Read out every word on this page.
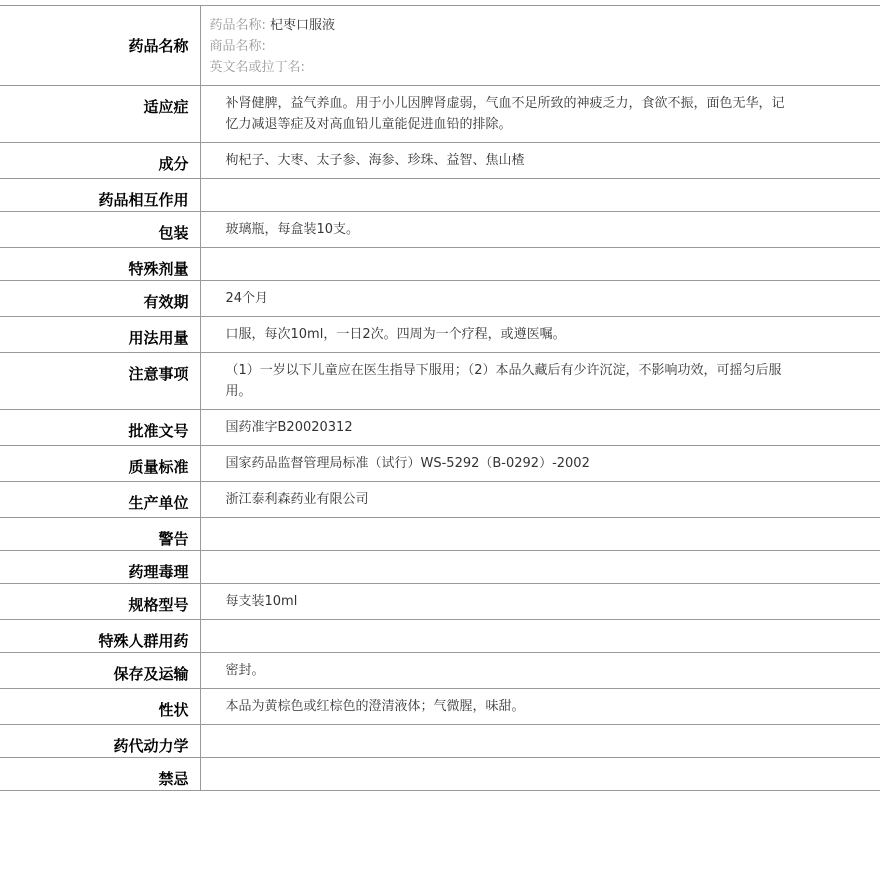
药品名称	药品名称: 杞枣口服液
商品名称:
英文名或拉丁名:

适应症	补肾健脾，益气养血。用于小儿因脾肾虚弱，气血不足所致的神疲乏力，食欲不振，面色无华，记忆力减退等症及对高血铅儿童能促进血铅的排除。
成分	枸杞子、大枣、太子参、海参、珍珠、益智、焦山楂
药品相互作用	
包装	玻璃瓶，每盒装10支。
特殊剂量	
有效期	24个月
用法用量	口服，每次10ml，一日2次。四周为一个疗程，或遵医嘱。
注意事项	（1）一岁以下儿童应在医生指导下服用；（2）本品久藏后有少许沉淀，不影响功效，可摇匀后服用。
批准文号	国药准字B20020312
质量标准	国家药品监督管理局标准（试行）WS-5292（B-0292）-2002
生产单位	浙江泰利森药业有限公司
警告	
药理毒理	
规格型号	每支装10ml
特殊人群用药	
保存及运输	密封。
性状	本品为黄棕色或红棕色的澄清液体；气微腥，味甜。
药代动力学	
禁忌	
